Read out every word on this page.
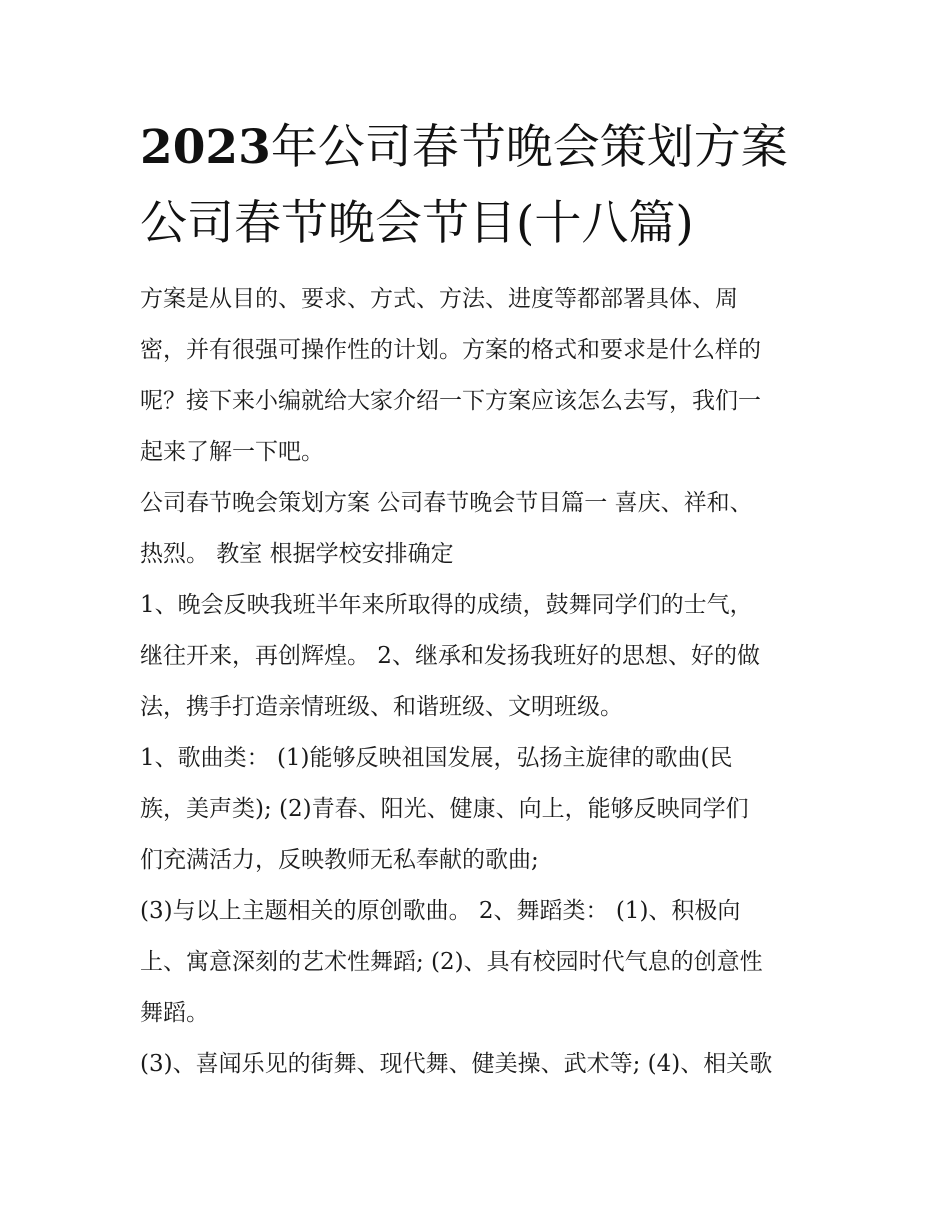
2023年公司春节晚会策划方案
公司春节晚会节目(十八篇)

方案是从目的、要求、方式、方法、进度等都部署具体、周

密，并有很强可操作性的计划。方案的格式和要求是什么样的

呢？接下来小编就给大家介绍一下方案应该怎么去写，我们一

起来了解一下吧。

公司春节晚会策划方案 公司春节晚会节目篇一 喜庆、祥和、

热烈。 教室 根据学校安排确定

1、晚会反映我班半年来所取得的成绩，鼓舞同学们的士气，

继往开来，再创辉煌。 2、继承和发扬我班好的思想、好的做

法，携手打造亲情班级、和谐班级、文明班级。

1、歌曲类： (1)能够反映祖国发展，弘扬主旋律的歌曲(民

族，美声类); (2)青春、阳光、健康、向上，能够反映同学们

们充满活力，反映教师无私奉献的歌曲;

(3)与以上主题相关的原创歌曲。 2、舞蹈类： (1)、积极向

上、寓意深刻的艺术性舞蹈; (2)、具有校园时代气息的创意性

舞蹈。

(3)、喜闻乐见的街舞、现代舞、健美操、武术等; (4)、相关歌
